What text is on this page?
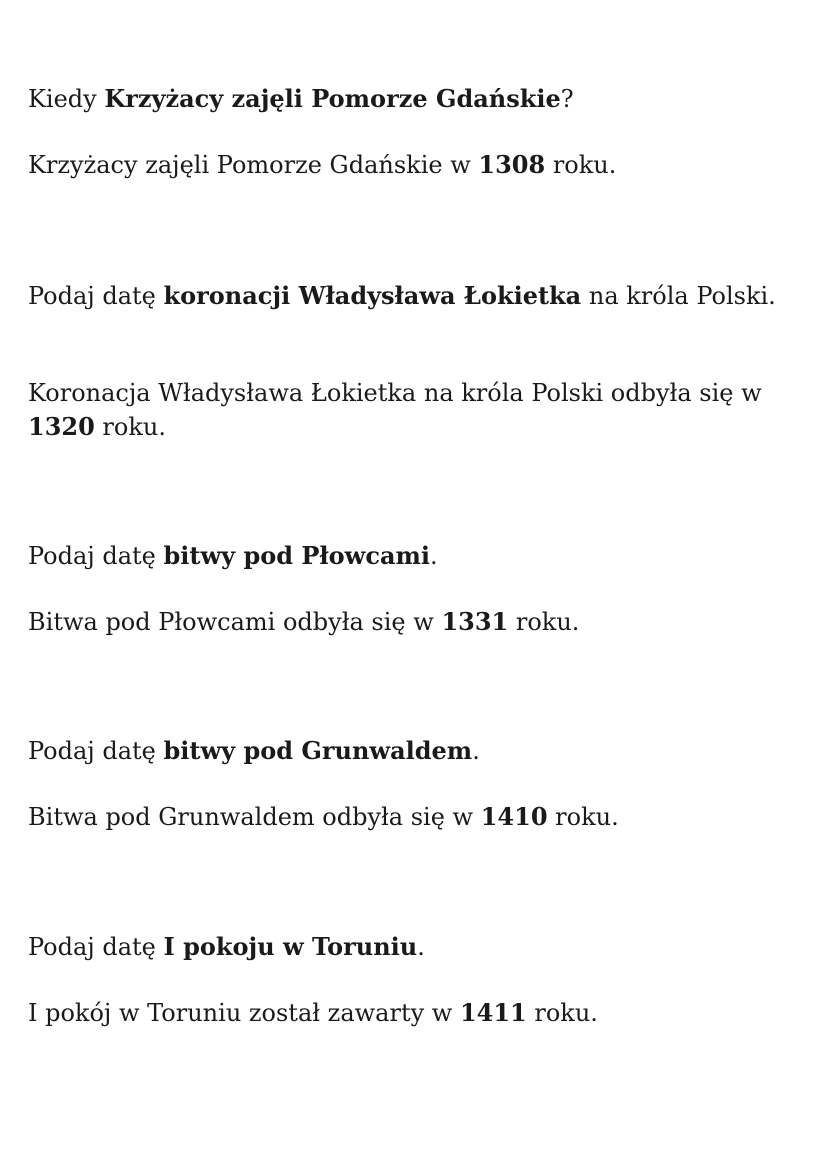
Kiedy Krzyżacy zajęli Pomorze Gdańskie?

Krzyżacy zajęli Pomorze Gdańskie w 1308 roku.

Podaj datę koronacji Władysława Łokietka na króla Polski.

Koronacja Władysława Łokietka na króla Polski odbyła się w 1320 roku.

Podaj datę bitwy pod Płowcami.

Bitwa pod Płowcami odbyła się w 1331 roku.

Podaj datę bitwy pod Grunwaldem.

Bitwa pod Grunwaldem odbyła się w 1410 roku.

Podaj datę I pokoju w Toruniu.

I pokój w Toruniu został zawarty w 1411 roku.
